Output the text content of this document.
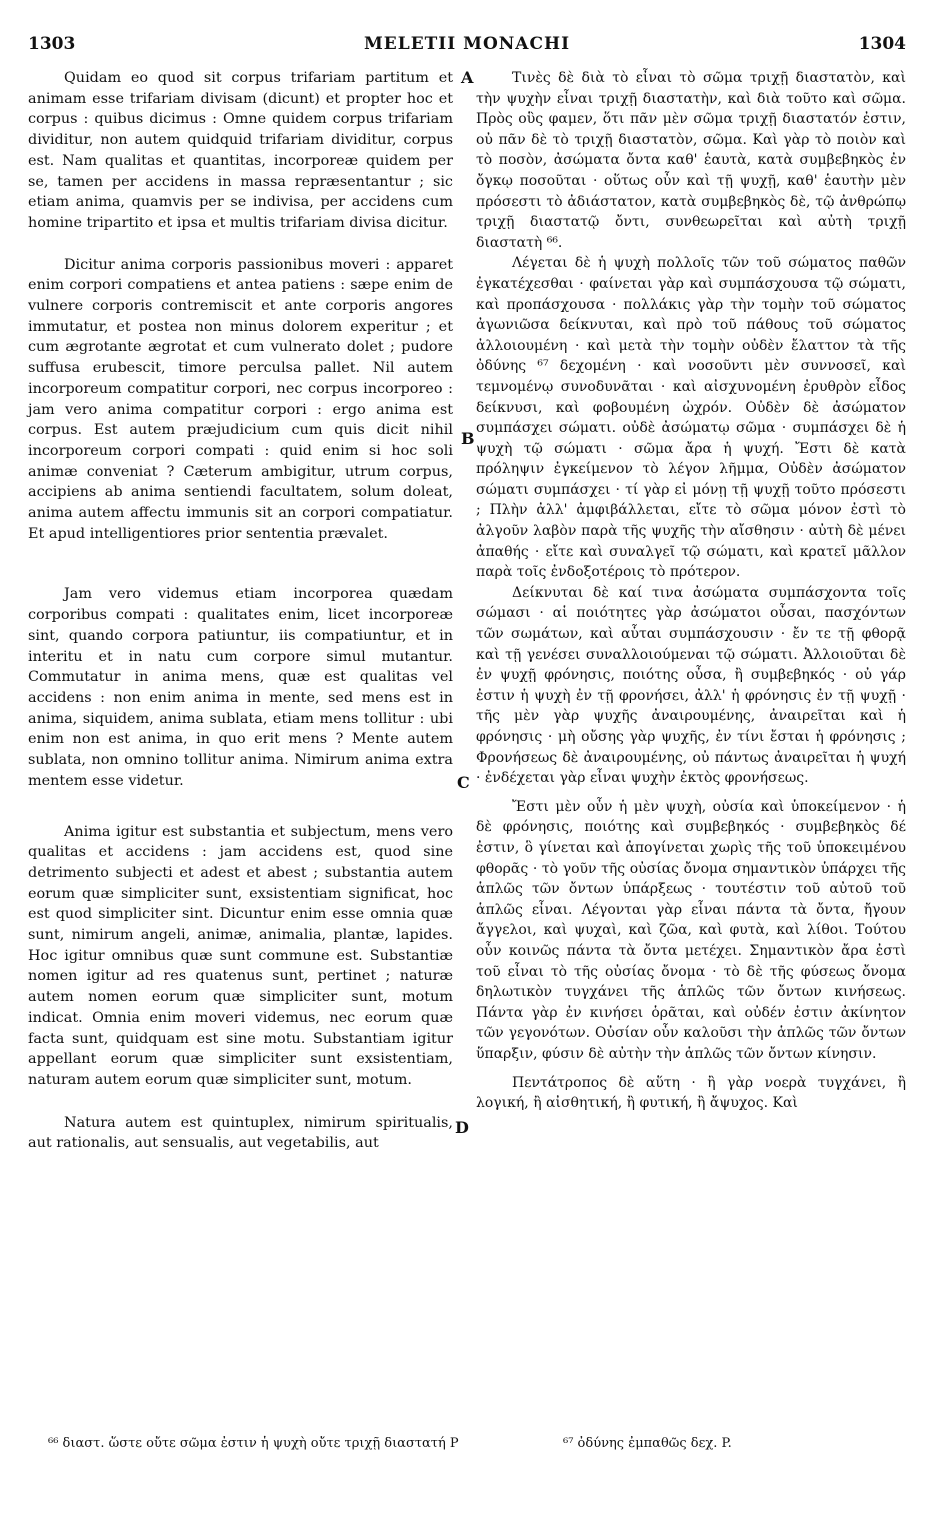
1303	MELETII MONACHI	1304

Quidam eo quod sit corpus trifariam partitum et animam esse trifariam divisam (dicunt) et propter hoc et corpus : quibus dicimus : Omne quidem corpus trifariam dividitur, non autem quidquid trifariam dividitur, corpus est. Nam qualitas et quantitas, incorporeæ quidem per se, tamen per accidens in massa repræsentantur ; sic etiam anima, quamvis per se indivisa, per accidens cum homine tripartito et ipsa et multis trifariam divisa dicitur.

Dicitur anima corporis passionibus moveri : apparet enim corpori compatiens et antea patiens : sæpe enim de vulnere corporis contremiscit et ante corporis angores immutatur, et postea non minus dolorem experitur ; et cum ægrotante ægrotat et cum vulnerato dolet ; pudore suffusa erubescit, timore perculsa pallet. Nil autem incorporeum compatitur corpori, nec corpus incorporeo : jam vero anima compatitur corpori : ergo anima est corpus. Est autem præjudicium cum quis dicit nihil incorporeum corpori compati : quid enim si hoc soli animæ conveniat ? Cæterum ambigitur, utrum corpus, accipiens ab anima sentiendi facultatem, solum doleat, anima autem affectu immunis sit an corpori compatiatur. Et apud intelligentiores prior sententia prævalet.

Jam vero videmus etiam incorporea quædam corporibus compati : qualitates enim, licet incorporeæ sint, quando corpora patiuntur, iis compatiuntur, et in interitu et in natu cum corpore simul mutantur. Commutatur in anima mens, quæ est qualitas vel accidens : non enim anima in mente, sed mens est in anima, siquidem, anima sublata, etiam mens tollitur : ubi enim non est anima, in quo erit mens ? Mente autem sublata, non omnino tollitur anima. Nimirum anima extra mentem esse videtur.

Anima igitur est substantia et subjectum, mens vero qualitas et accidens : jam accidens est, quod sine detrimento subjecti et adest et abest ; substantia autem eorum quæ simpliciter sunt, exsistentiam significat, hoc est quod simpliciter sint. Dicuntur enim esse omnia quæ sunt, nimirum angeli, animæ, animalia, plantæ, lapides. Hoc igitur omnibus quæ sunt commune est. Substantiæ nomen igitur ad res quatenus sunt, pertinet ; naturæ autem nomen eorum quæ simpliciter sunt, motum indicat. Omnia enim moveri videmus, nec eorum quæ facta sunt, quidquam est sine motu. Substantiam igitur appellant eorum quæ simpliciter sunt exsistentiam, naturam autem eorum quæ simpliciter sunt, motum.

Natura autem est quintuplex, nimirum spiritualis, aut rationalis, aut sensualis, aut vegetabilis, aut

A
B
C
D

Τινὲς δὲ διὰ τὸ εἶναι τὸ σῶμα τριχῇ διαστατὸν, καὶ τὴν ψυχὴν εἶναι τριχῇ διαστατὴν, καὶ διὰ τοῦτο καὶ σῶμα. Πρὸς οὓς φαμεν, ὅτι πᾶν μὲν σῶμα τριχῇ διαστατόν ἐστιν, οὐ πᾶν δὲ τὸ τριχῇ διαστατὸν, σῶμα. Καὶ γὰρ τὸ ποιὸν καὶ τὸ ποσὸν, ἀσώματα ὄντα καθ' ἑαυτὰ, κατὰ συμβεβηκὸς ἐν ὄγκῳ ποσοῦται · οὕτως οὖν καὶ τῇ ψυχῇ, καθ' ἑαυτὴν μὲν πρόσεστι τὸ ἀδιάστατον, κατὰ συμβεβηκὸς δὲ, τῷ ἀνθρώπῳ τριχῇ διαστατῷ ὄντι, συνθεωρεῖται καὶ αὐτὴ τριχῇ διαστατὴ ⁶⁶.

Λέγεται δὲ ἡ ψυχὴ πολλοῖς τῶν τοῦ σώματος παθῶν ἐγκατέχεσθαι · φαίνεται γὰρ καὶ συμπάσχουσα τῷ σώματι, καὶ προπάσχουσα · πολλάκις γὰρ τὴν τομὴν τοῦ σώματος ἀγωνιῶσα δείκνυται, καὶ πρὸ τοῦ πάθους τοῦ σώματος ἀλλοιουμένη · καὶ μετὰ τὴν τομὴν οὐδὲν ἔλαττον τὰ τῆς ὀδύνης ⁶⁷ δεχομένη · καὶ νοσοῦντι μὲν συννοσεῖ, καὶ τεμνομένῳ συνοδυνᾶται · καὶ αἰσχυνομένη ἐρυθρὸν εἶδος δείκνυσι, καὶ φοβουμένη ὠχρόν. Οὐδὲν δὲ ἀσώματον συμπάσχει σώματι. οὐδὲ ἀσώματῳ σῶμα · συμπάσχει δὲ ἡ ψυχὴ τῷ σώματι · σῶμα ἄρα ἡ ψυχή. Ἔστι δὲ κατὰ πρόληψιν ἐγκείμενον τὸ λέγον λῆμμα, Οὐδὲν ἀσώματον σώματι συμπάσχει · τί γὰρ εἰ μόνῃ τῇ ψυχῇ τοῦτο πρόσεστι ; Πλὴν ἀλλ' ἀμφιβάλλεται, εἴτε τὸ σῶμα μόνον ἐστὶ τὸ ἀλγοῦν λαβὸν παρὰ τῆς ψυχῆς τὴν αἴσθησιν · αὐτὴ δὲ μένει ἀπαθής · εἴτε καὶ συναλγεῖ τῷ σώματι, καὶ κρατεῖ μᾶλλον παρὰ τοῖς ἐνδοξοτέροις τὸ πρότερον.

Δείκνυται δὲ καί τινα ἀσώματα συμπάσχοντα τοῖς σώμασι · αἱ ποιότητες γὰρ ἀσώματοι οὖσαι, πασχόντων τῶν σωμάτων, καὶ αὗται συμπάσχουσιν · ἔν τε τῇ φθορᾷ καὶ τῇ γενέσει συναλλοιούμεναι τῷ σώματι. Ἀλλοιοῦται δὲ ἐν ψυχῇ φρόνησις, ποιότης οὖσα, ἢ συμβεβηκός · οὐ γάρ ἐστιν ἡ ψυχὴ ἐν τῇ φρονήσει, ἀλλ' ἡ φρόνησις ἐν τῇ ψυχῇ · τῆς μὲν γὰρ ψυχῆς ἀναιρουμένης, ἀναιρεῖται καὶ ἡ φρόνησις · μὴ οὔσης γὰρ ψυχῆς, ἐν τίνι ἔσται ἡ φρόνησις ; Φρονήσεως δὲ ἀναιρουμένης, οὐ πάντως ἀναιρεῖται ἡ ψυχή · ἐνδέχεται γὰρ εἶναι ψυχὴν ἐκτὸς φρονήσεως.

Ἔστι μὲν οὖν ἡ μὲν ψυχὴ, οὐσία καὶ ὑποκείμενον · ἡ δὲ φρόνησις, ποιότης καὶ συμβεβηκός · συμβεβηκὸς δέ ἐστιν, ὃ γίνεται καὶ ἀπογίνεται χωρὶς τῆς τοῦ ὑποκειμένου φθορᾶς · τὸ γοῦν τῆς οὐσίας ὄνομα σημαντικὸν ὑπάρχει τῆς ἁπλῶς τῶν ὄντων ὑπάρξεως · τουτέστιν τοῦ αὐτοῦ τοῦ ἁπλῶς εἶναι. Λέγονται γὰρ εἶναι πάντα τὰ ὄντα, ἤγουν ἄγγελοι, καὶ ψυχαὶ, καὶ ζῶα, καὶ φυτὰ, καὶ λίθοι. Τούτου οὖν κοινῶς πάντα τὰ ὄντα μετέχει. Σημαντικὸν ἄρα ἐστὶ τοῦ εἶναι τὸ τῆς οὐσίας ὄνομα · τὸ δὲ τῆς φύσεως ὄνομα δηλωτικὸν τυγχάνει τῆς ἁπλῶς τῶν ὄντων κινήσεως. Πάντα γὰρ ἐν κινήσει ὁρᾶται, καὶ οὐδέν ἐστιν ἀκίνητον τῶν γεγονότων. Οὐσίαν οὖν καλοῦσι τὴν ἁπλῶς τῶν ὄντων ὕπαρξιν, φύσιν δὲ αὐτὴν τὴν ἁπλῶς τῶν ὄντων κίνησιν.

Πεντάτροπος δὲ αὕτη · ἢ γὰρ νοερὰ τυγχάνει, ἢ λογική, ἢ αἰσθητική, ἢ φυτική, ἢ ἄψυχος. Καὶ

⁶⁶ διαστ. ὥστε οὔτε σῶμα ἐστιν ἡ ψυχὴ οὔτε τριχῇ διαστατή P	⁶⁷ ὀδύνης ἐμπαθῶς δεχ. P.
